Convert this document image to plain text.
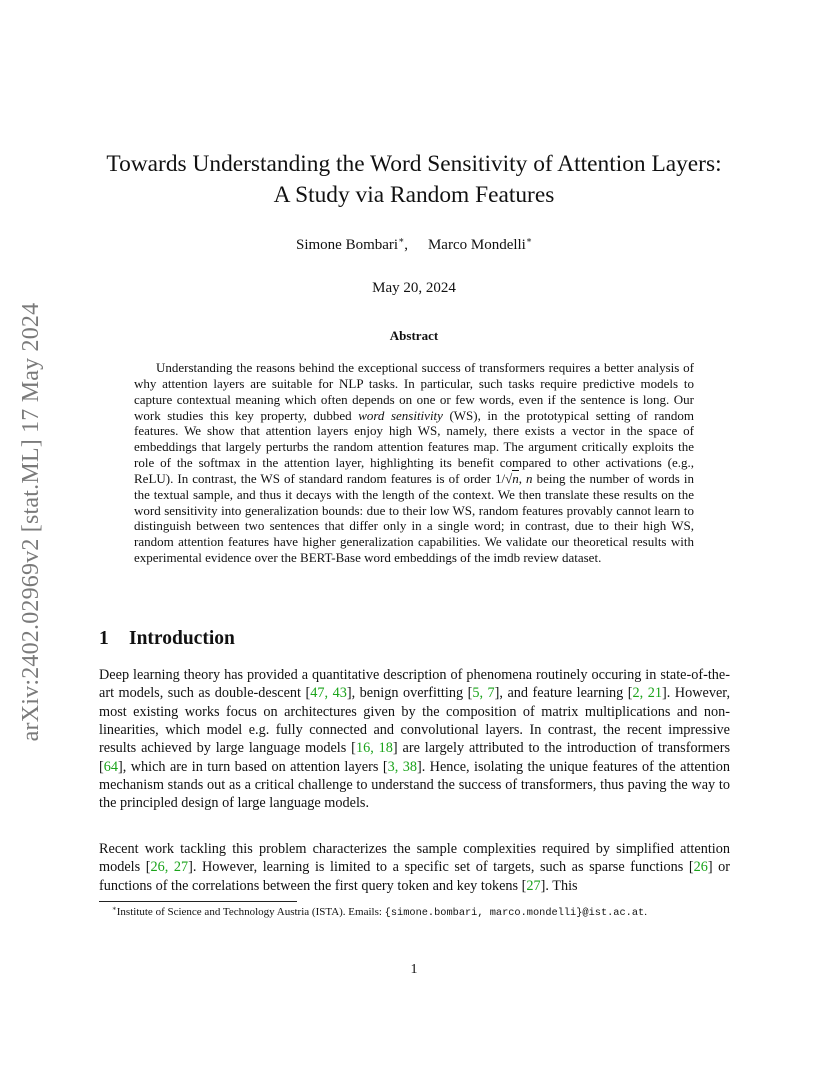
arXiv:2402.02969v2 [stat.ML] 17 May 2024
Towards Understanding the Word Sensitivity of Attention Layers:
A Study via Random Features
Simone Bombari∗, Marco Mondelli∗
May 20, 2024
Abstract

Understanding the reasons behind the exceptional success of transformers requires a better analysis of why attention layers are suitable for NLP tasks. In particular, such tasks require predictive models to capture contextual meaning which often depends on one or few words, even if the sentence is long. Our work studies this key property, dubbed word sensitivity (WS), in the prototypical setting of random features. We show that attention layers enjoy high WS, namely, there exists a vector in the space of embeddings that largely perturbs the random attention features map. The argument critically exploits the role of the softmax in the attention layer, highlighting its benefit compared to other activations (e.g., ReLU). In contrast, the WS of standard random features is of order 1/√n, n being the number of words in the textual sample, and thus it decays with the length of the context. We then translate these results on the word sensitivity into generalization bounds: due to their low WS, random features provably cannot learn to distinguish between two sentences that differ only in a single word; in contrast, due to their high WS, random attention features have higher generalization capabilities. We validate our theoretical results with experimental evidence over the BERT-Base word embeddings of the imdb review dataset.

1 Introduction

Deep learning theory has provided a quantitative description of phenomena routinely occuring in state-of-the-art models, such as double-descent [47, 43], benign overfitting [5, 7], and feature learning [2, 21]. However, most existing works focus on architectures given by the composition of matrix multiplications and non-linearities, which model e.g. fully connected and convolutional layers. In contrast, the recent impressive results achieved by large language models [16, 18] are largely attributed to the introduction of transformers [64], which are in turn based on attention layers [3, 38]. Hence, isolating the unique features of the attention mechanism stands out as a critical challenge to understand the success of transformers, thus paving the way to the principled design of large language models.

Recent work tackling this problem characterizes the sample complexities required by simplified attention models [26, 27]. However, learning is limited to a specific set of targets, such as sparse functions [26] or functions of the correlations between the first query token and key tokens [27]. This

∗Institute of Science and Technology Austria (ISTA). Emails: {simone.bombari, marco.mondelli}@ist.ac.at.
1
